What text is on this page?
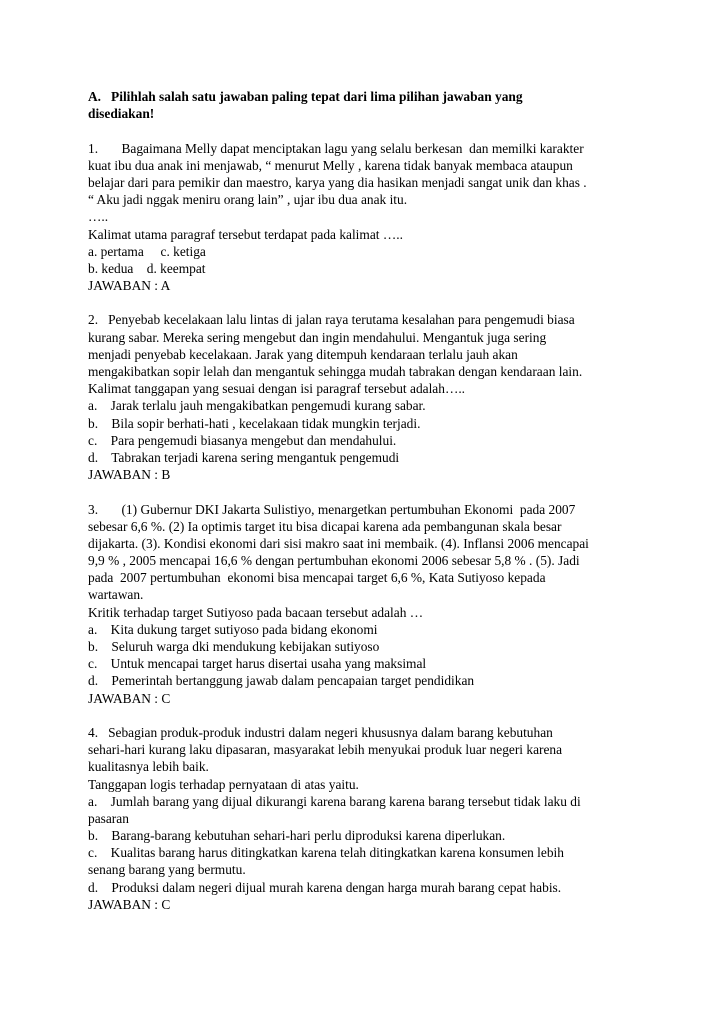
A.   Pilihlah salah satu jawaban paling tepat dari lima pilihan jawaban yang
disediakan!
1.       Bagaimana Melly dapat menciptakan lagu yang selalu berkesan  dan memilki karakter
kuat ibu dua anak ini menjawab, “ menurut Melly , karena tidak banyak membaca ataupun
belajar dari para pemikir dan maestro, karya yang dia hasikan menjadi sangat unik dan khas .
“ Aku jadi nggak meniru orang lain” , ujar ibu dua anak itu.
…..
Kalimat utama paragraf tersebut terdapat pada kalimat …..
a. pertama     c. ketiga
b. kedua    d. keempat
JAWABAN : A
2.   Penyebab kecelakaan lalu lintas di jalan raya terutama kesalahan para pengemudi biasa
kurang sabar. Mereka sering mengebut dan ingin mendahului. Mengantuk juga sering
menjadi penyebab kecelakaan. Jarak yang ditempuh kendaraan terlalu jauh akan
mengakibatkan sopir lelah dan mengantuk sehingga mudah tabrakan dengan kendaraan lain.
Kalimat tanggapan yang sesuai dengan isi paragraf tersebut adalah…..
a.    Jarak terlalu jauh mengakibatkan pengemudi kurang sabar.
b.    Bila sopir berhati-hati , kecelakaan tidak mungkin terjadi.
c.    Para pengemudi biasanya mengebut dan mendahului.
d.    Tabrakan terjadi karena sering mengantuk pengemudi
JAWABAN : B
3.       (1) Gubernur DKI Jakarta Sulistiyo, menargetkan pertumbuhan Ekonomi  pada 2007
sebesar 6,6 %. (2) Ia optimis target itu bisa dicapai karena ada pembangunan skala besar
dijakarta. (3). Kondisi ekonomi dari sisi makro saat ini membaik. (4). Inflansi 2006 mencapai
9,9 % , 2005 mencapai 16,6 % dengan pertumbuhan ekonomi 2006 sebesar 5,8 % . (5). Jadi
pada  2007 pertumbuhan  ekonomi bisa mencapai target 6,6 %, Kata Sutiyoso kepada
wartawan.
Kritik terhadap target Sutiyoso pada bacaan tersebut adalah …
a.    Kita dukung target sutiyoso pada bidang ekonomi
b.    Seluruh warga dki mendukung kebijakan sutiyoso
c.    Untuk mencapai target harus disertai usaha yang maksimal
d.    Pemerintah bertanggung jawab dalam pencapaian target pendidikan
JAWABAN : C
4.   Sebagian produk-produk industri dalam negeri khususnya dalam barang kebutuhan
sehari-hari kurang laku dipasaran, masyarakat lebih menyukai produk luar negeri karena
kualitasnya lebih baik.
Tanggapan logis terhadap pernyataan di atas yaitu.
a.    Jumlah barang yang dijual dikurangi karena barang karena barang tersebut tidak laku di
pasaran
b.    Barang-barang kebutuhan sehari-hari perlu diproduksi karena diperlukan.
c.    Kualitas barang harus ditingkatkan karena telah ditingkatkan karena konsumen lebih
senang barang yang bermutu.
d.    Produksi dalam negeri dijual murah karena dengan harga murah barang cepat habis.
JAWABAN : C
